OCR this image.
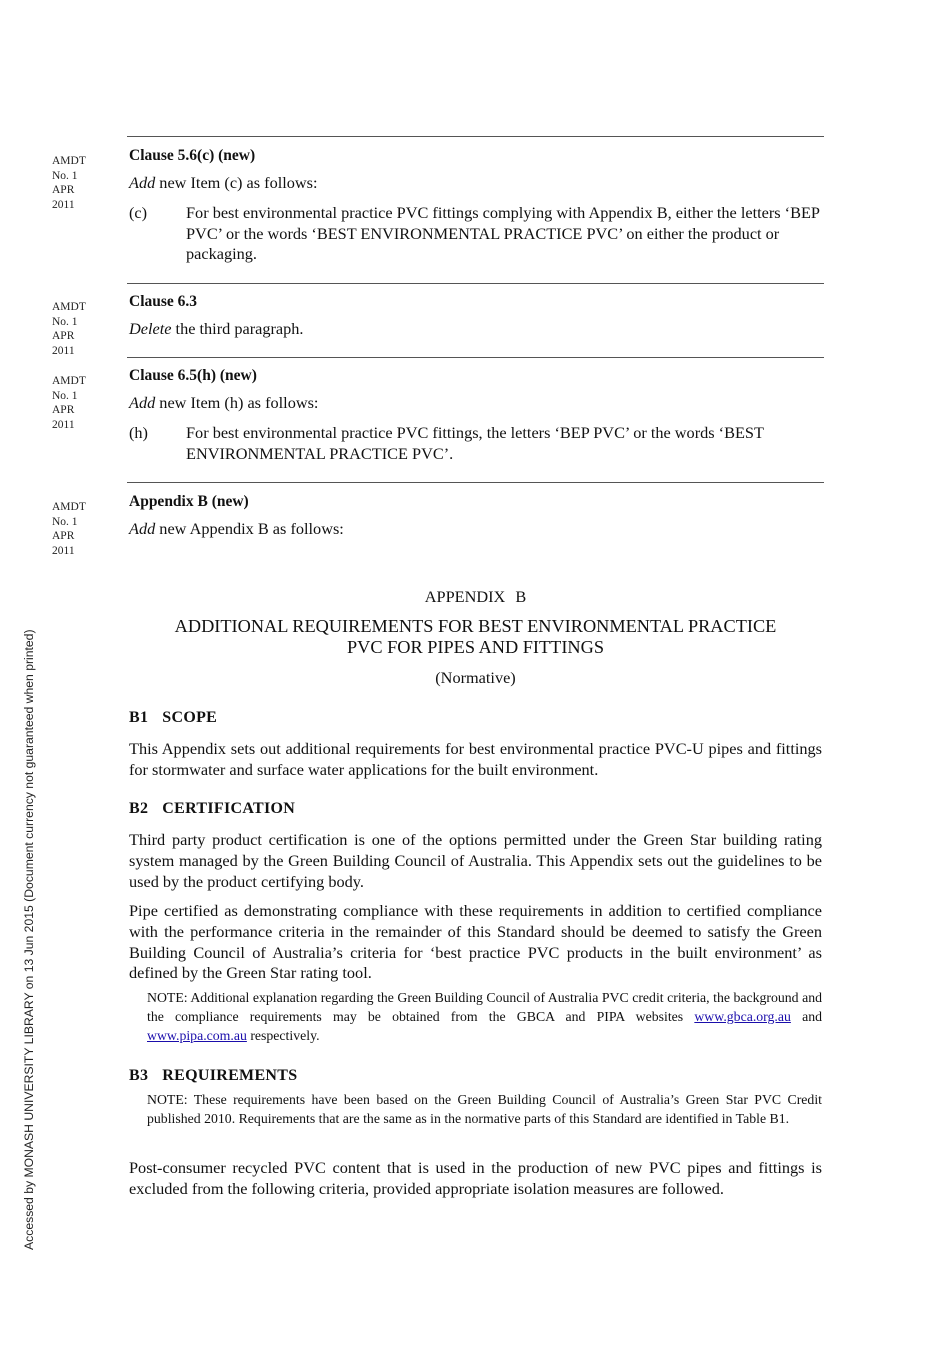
Accessed by MONASH UNIVERSITY LIBRARY on 13 Jun 2015 (Document currency not guaranteed when printed)
AMDT
No. 1
APR
2011
Clause 5.6(c) (new)
Add new Item (c) as follows:
(c) For best environmental practice PVC fittings complying with Appendix B, either the letters ‘BEP PVC’ or the words ‘BEST ENVIRONMENTAL PRACTICE PVC’ on either the product or packaging.
AMDT
No. 1
APR
2011
Clause 6.3
Delete the third paragraph.
AMDT
No. 1
APR
2011
Clause 6.5(h) (new)
Add new Item (h) as follows:
(h) For best environmental practice PVC fittings, the letters ‘BEP PVC’ or the words ‘BEST ENVIRONMENTAL PRACTICE PVC’.
AMDT
No. 1
APR
2011
Appendix B (new)
Add new Appendix B as follows:
APPENDIX B
ADDITIONAL REQUIREMENTS FOR BEST ENVIRONMENTAL PRACTICE
PVC FOR PIPES AND FITTINGS
(Normative)
B1 SCOPE
This Appendix sets out additional requirements for best environmental practice PVC-U pipes and fittings for stormwater and surface water applications for the built environment.
B2 CERTIFICATION
Third party product certification is one of the options permitted under the Green Star building rating system managed by the Green Building Council of Australia. This Appendix sets out the guidelines to be used by the product certifying body.
Pipe certified as demonstrating compliance with these requirements in addition to certified compliance with the performance criteria in the remainder of this Standard should be deemed to satisfy the Green Building Council of Australia’s criteria for ‘best practice PVC products in the built environment’ as defined by the Green Star rating tool.
NOTE: Additional explanation regarding the Green Building Council of Australia PVC credit criteria, the background and the compliance requirements may be obtained from the GBCA and PIPA websites www.gbca.org.au and www.pipa.com.au respectively.
B3 REQUIREMENTS
NOTE: These requirements have been based on the Green Building Council of Australia’s Green Star PVC Credit published 2010. Requirements that are the same as in the normative parts of this Standard are identified in Table B1.
Post-consumer recycled PVC content that is used in the production of new PVC pipes and fittings is excluded from the following criteria, provided appropriate isolation measures are followed.
